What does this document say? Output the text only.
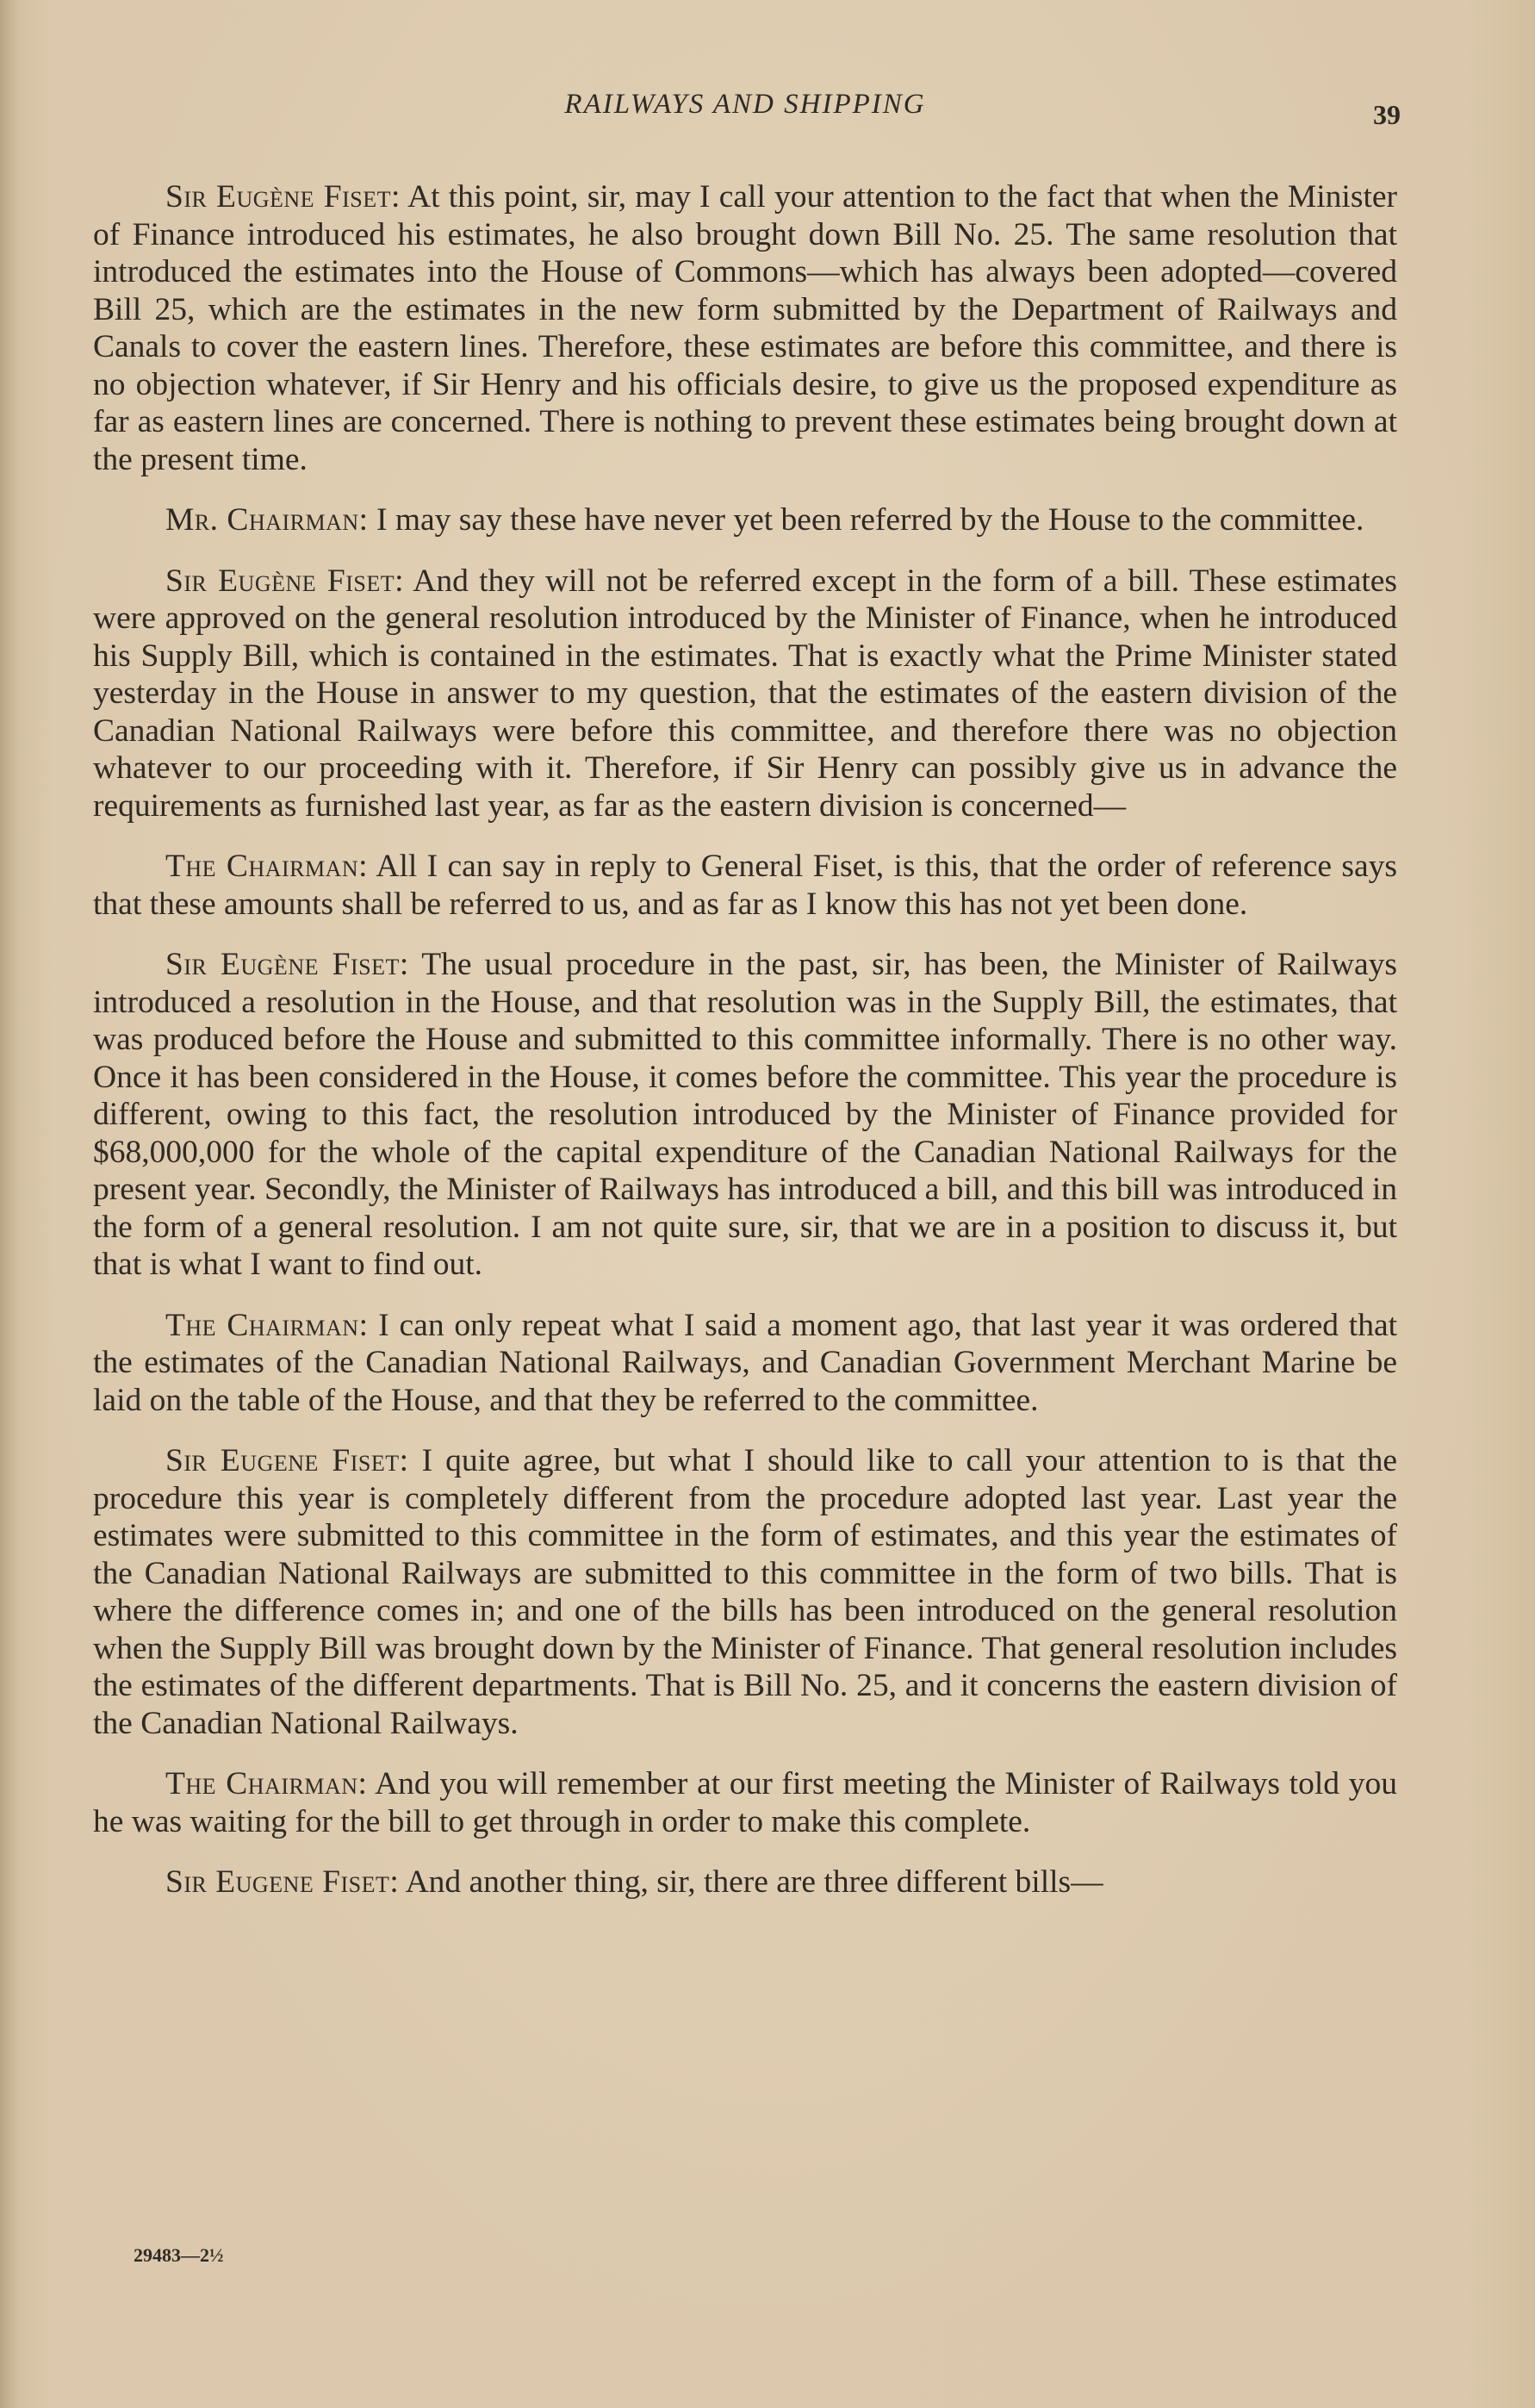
RAILWAYS AND SHIPPING	39

Sir Eugène Fiset: At this point, sir, may I call your attention to the fact that when the Minister of Finance introduced his estimates, he also brought down Bill No. 25. The same resolution that introduced the estimates into the House of Commons—which has always been adopted—covered Bill 25, which are the estimates in the new form submitted by the Department of Railways and Canals to cover the eastern lines. Therefore, these estimates are before this committee, and there is no objection whatever, if Sir Henry and his officials desire, to give us the proposed expenditure as far as eastern lines are concerned. There is nothing to prevent these estimates being brought down at the present time.

Mr. Chairman: I may say these have never yet been referred by the House to the committee.

Sir Eugène Fiset: And they will not be referred except in the form of a bill. These estimates were approved on the general resolution introduced by the Minister of Finance, when he introduced his Supply Bill, which is contained in the estimates. That is exactly what the Prime Minister stated yesterday in the House in answer to my question, that the estimates of the eastern division of the Canadian National Railways were before this committee, and therefore there was no objection whatever to our proceeding with it. Therefore, if Sir Henry can possibly give us in advance the requirements as furnished last year, as far as the eastern division is concerned—

The Chairman: All I can say in reply to General Fiset, is this, that the order of reference says that these amounts shall be referred to us, and as far as I know this has not yet been done.

Sir Eugène Fiset: The usual procedure in the past, sir, has been, the Minister of Railways introduced a resolution in the House, and that resolution was in the Supply Bill, the estimates, that was produced before the House and submitted to this committee informally. There is no other way. Once it has been considered in the House, it comes before the committee. This year the procedure is different, owing to this fact, the resolution introduced by the Minister of Finance provided for $68,000,000 for the whole of the capital expenditure of the Canadian National Railways for the present year. Secondly, the Minister of Railways has introduced a bill, and this bill was introduced in the form of a general resolution. I am not quite sure, sir, that we are in a position to discuss it, but that is what I want to find out.

The Chairman: I can only repeat what I said a moment ago, that last year it was ordered that the estimates of the Canadian National Railways, and Canadian Government Merchant Marine be laid on the table of the House, and that they be referred to the committee.

Sir Eugene Fiset: I quite agree, but what I should like to call your attention to is that the procedure this year is completely different from the procedure adopted last year. Last year the estimates were submitted to this committee in the form of estimates, and this year the estimates of the Canadian National Railways are submitted to this committee in the form of two bills. That is where the difference comes in; and one of the bills has been introduced on the general resolution when the Supply Bill was brought down by the Minister of Finance. That general resolution includes the estimates of the different departments. That is Bill No. 25, and it concerns the eastern division of the Canadian National Railways.

The Chairman: And you will remember at our first meeting the Minister of Railways told you he was waiting for the bill to get through in order to make this complete.

Sir Eugene Fiset: And another thing, sir, there are three different bills—

29483—2½
